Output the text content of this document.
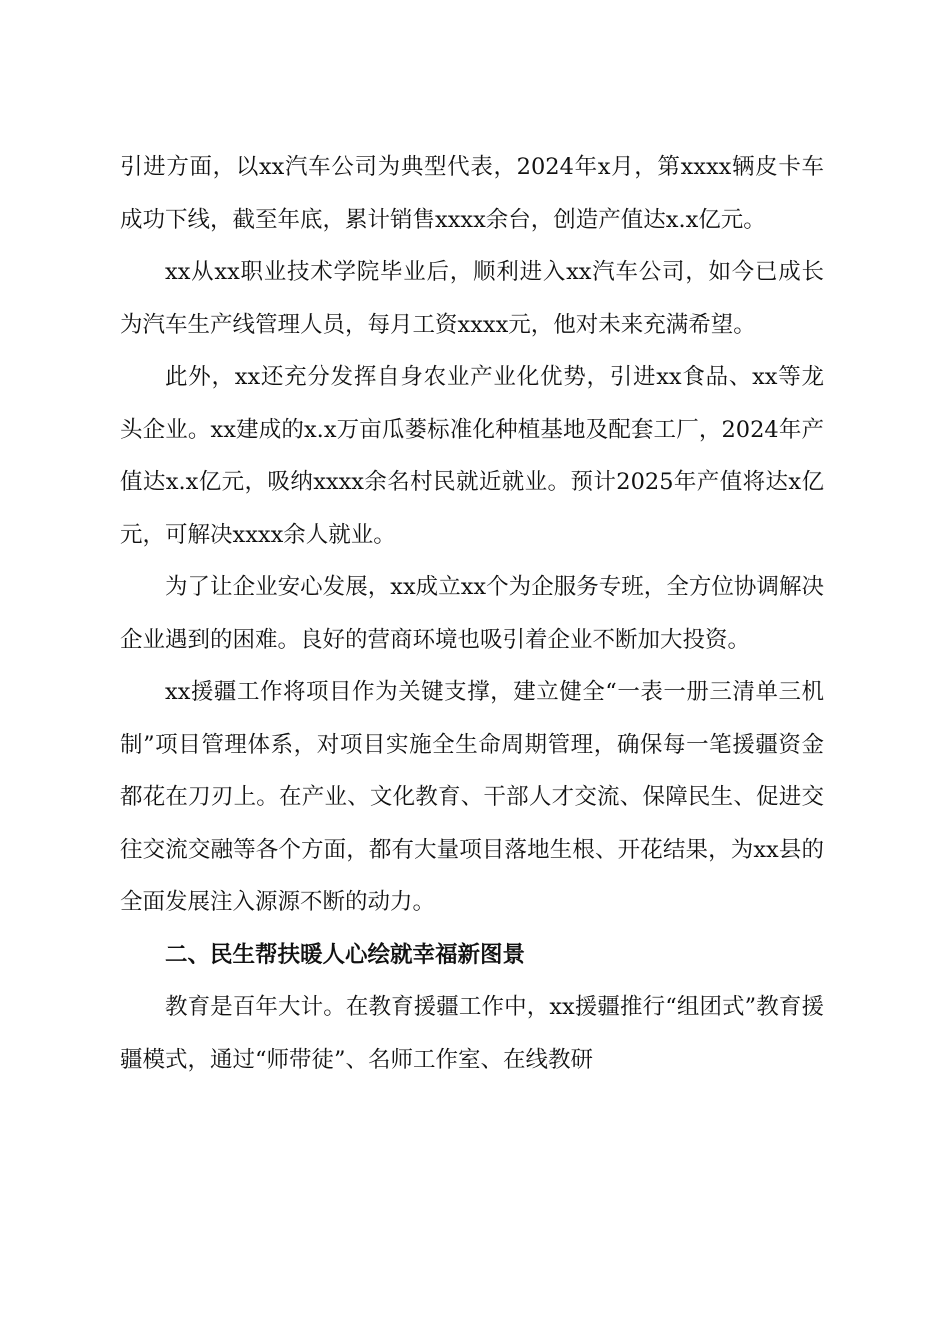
引进方面，以xx汽车公司为典型代表，2024年x月，第xxxx辆皮卡车成功下线，截至年底，累计销售xxxx余台，创造产值达x.x亿元。

xx从xx职业技术学院毕业后，顺利进入xx汽车公司，如今已成长为汽车生产线管理人员，每月工资xxxx元，他对未来充满希望。

此外，xx还充分发挥自身农业产业化优势，引进xx食品、xx等龙头企业。xx建成的x.x万亩瓜蒌标准化种植基地及配套工厂，2024年产值达x.x亿元，吸纳xxxx余名村民就近就业。预计2025年产值将达x亿元，可解决xxxx余人就业。

为了让企业安心发展，xx成立xx个为企服务专班，全方位协调解决企业遇到的困难。良好的营商环境也吸引着企业不断加大投资。

xx援疆工作将项目作为关键支撑，建立健全“一表一册三清单三机制”项目管理体系，对项目实施全生命周期管理，确保每一笔援疆资金都花在刀刃上。在产业、文化教育、干部人才交流、保障民生、促进交往交流交融等各个方面，都有大量项目落地生根、开花结果，为xx县的全面发展注入源源不断的动力。

二、民生帮扶暖人心绘就幸福新图景

教育是百年大计。在教育援疆工作中，xx援疆推行“组团式”教育援疆模式，通过“师带徒”、名师工作室、在线教研
